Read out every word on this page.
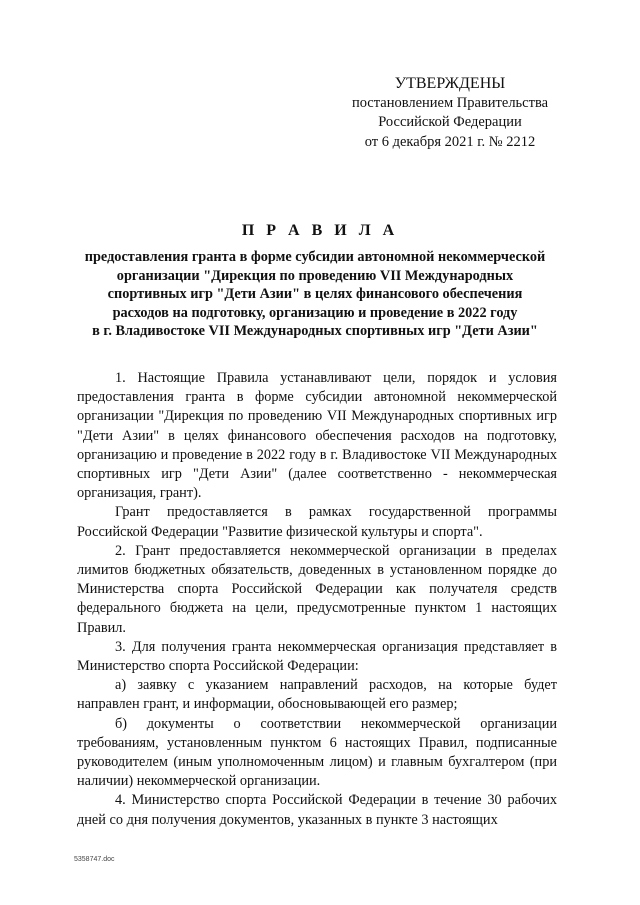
УТВЕРЖДЕНЫ
постановлением Правительства
Российской Федерации
от 6 декабря 2021 г. № 2212
П Р А В И Л А
предоставления гранта в форме субсидии автономной некоммерческой
организации "Дирекция по проведению VII Международных
спортивных игр "Дети Азии" в целях финансового обеспечения
расходов на подготовку, организацию и проведение в 2022 году
в г. Владивостоке VII Международных спортивных игр "Дети Азии"

1. Настоящие Правила устанавливают цели, порядок и условия предоставления гранта в форме субсидии автономной некоммерческой организации "Дирекция по проведению VII Международных спортивных игр "Дети Азии" в целях финансового обеспечения расходов на подготовку, организацию и проведение в 2022 году в г. Владивостоке VII Международных спортивных игр "Дети Азии" (далее соответственно - некоммерческая организация, грант).

Грант предоставляется в рамках государственной программы Российской Федерации "Развитие физической культуры и спорта".

2. Грант предоставляется некоммерческой организации в пределах лимитов бюджетных обязательств, доведенных в установленном порядке до Министерства спорта Российской Федерации как получателя средств федерального бюджета на цели, предусмотренные пунктом 1 настоящих Правил.

3. Для получения гранта некоммерческая организация представляет в Министерство спорта Российской Федерации:

а) заявку с указанием направлений расходов, на которые будет направлен грант, и информации, обосновывающей его размер;

б) документы о соответствии некоммерческой организации требованиям, установленным пунктом 6 настоящих Правил, подписанные руководителем (иным уполномоченным лицом) и главным бухгалтером (при наличии) некоммерческой организации.

4. Министерство спорта Российской Федерации в течение 30 рабочих дней со дня получения документов, указанных в пункте 3 настоящих

5358747.doc
